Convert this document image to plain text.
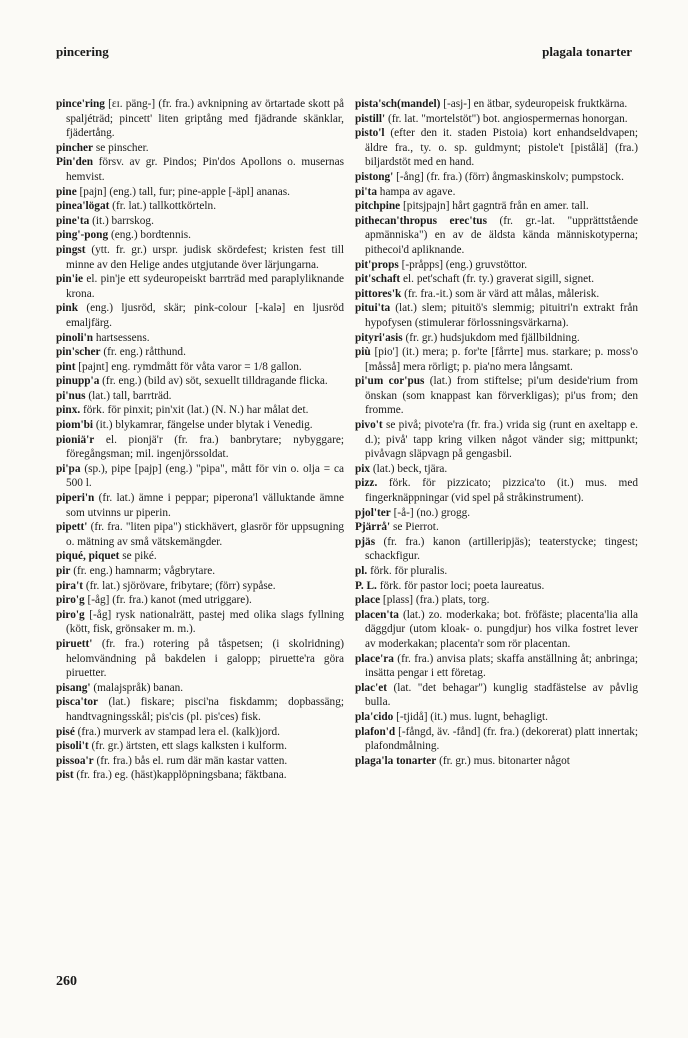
pincering	plagala tonarter

pince'ring [ɛɪ. päng-] (fr. fra.) avknipning av örtartade skott på spaljéträd; pincett' liten griptång med fjädrande skänklar, fjädertång.

pincher se pinscher.

Pin'den försv. av gr. Pindos; Pin'dos Apollons o. musernas hemvist.

pine [pajn] (eng.) tall, fur; pine-apple [-äpl] ananas.

pinea'lögat (fr. lat.) tallkottkörteln.

pine'ta (it.) barrskog.

ping'-pong (eng.) bordtennis.

pingst (ytt. fr. gr.) urspr. judisk skördefest; kristen fest till minne av den Helige andes utgjutande över lärjungarna.

pin'ie el. pin'je ett sydeuropeiskt barrträd med paraplyliknande krona.

pink (eng.) ljusröd, skär; pink-colour [-kalə] en ljusröd emaljfärg.

pinoli'n hartsessens.

pin'scher (fr. eng.) råtthund.

pint [pajnt] eng. rymdmått för våta varor = 1/8 gallon.

pinupp'a (fr. eng.) (bild av) söt, sexuellt tilldragande flicka.

pi'nus (lat.) tall, barrträd.

pinx. förk. för pinxit; pin'xit (lat.) (N. N.) har målat det.

piom'bi (it.) blykamrar, fängelse under blytak i Venedig.

pioniä'r el. pionjä'r (fr. fra.) banbrytare; nybyggare; föregångsman; mil. ingenjörssoldat.

pi'pa (sp.), pipe [pajp] (eng.) "pipa", mått för vin o. olja = ca 500 l.

piperi'n (fr. lat.) ämne i peppar; piperona'l välluktande ämne som utvinns ur piperin.

pipett' (fr. fra. "liten pipa") stickhävert, glasrör för uppsugning o. mätning av små vätskemängder.

piqué, piquet se piké.

pir (fr. eng.) hamnarm; vågbrytare.

pira't (fr. lat.) sjörövare, fribytare; (förr) sypåse.

piro'g [-åg] (fr. fra.) kanot (med utriggare).

piro'g [-åg] rysk nationalrätt, pastej med olika slags fyllning (kött, fisk, grönsaker m. m.).

piruett' (fr. fra.) rotering på tåspetsen; (i skolridning) helomvändning på bakdelen i galopp; piruette'ra göra piruetter.

pisang' (malajspråk) banan.

pisca'tor (lat.) fiskare; pisci'na fiskdamm; dopbassäng; handtvagningsskål; pis'cis (pl. pis'ces) fisk.

pisé (fra.) murverk av stampad lera el. (kalk)jord.

pisoli't (fr. gr.) ärtsten, ett slags kalksten i kulform.

pissoa'r (fr. fra.) bås el. rum där män kastar vatten.

pist (fr. fra.) eg. (häst)kapplöpningsbana; fäktbana.

pista'sch(mandel) [-asj-] en ätbar, sydeuropeisk fruktkärna.

pistill' (fr. lat. "mortelstöt") bot. angiospermernas honorgan.

pisto'l (efter den it. staden Pistoia) kort enhandseldvapen; äldre fra., ty. o. sp. guldmynt; pistole't [pistålä] (fra.) biljardstöt med en hand.

pistong' [-ång] (fr. fra.) (förr) ångmaskinskolv; pumpstock.

pi'ta hampa av agave.

pitchpine [pitsjpajn] hårt gagnträ från en amer. tall.

pithecan'thropus erec'tus (fr. gr.-lat. "upprättstående apmänniska") en av de äldsta kända människotyperna; pithecoi'd apliknande.

pit'props [-pråpps] (eng.) gruvstöttor.

pit'schaft el. pet'schaft (fr. ty.) graverat sigill, signet.

pittores'k (fr. fra.-it.) som är värd att målas, målerisk.

pitui'ta (lat.) slem; pituitö's slemmig; pituitri'n extrakt från hypofysen (stimulerar förlossningsvärkarna).

pityri'asis (fr. gr.) hudsjukdom med fjällbildning.

più [pio'] (it.) mera; p. for'te [fårrte] mus. starkare; p. moss'o [måsså] mera rörligt; p. pia'no mera långsamt.

pi'um cor'pus (lat.) from stiftelse; pi'um deside'rium from önskan (som knappast kan förverkligas); pi'us from; den fromme.

pivo't se pivå; pivote'ra (fr. fra.) vrida sig (runt en axeltapp e. d.); pivå' tapp kring vilken något vänder sig; mittpunkt; pivåvagn släpvagn på gengasbil.

pix (lat.) beck, tjära.

pizz. förk. för pizzicato; pizzica'to (it.) mus. med fingerknäppningar (vid spel på stråkinstrument).

pjol'ter [-å-] (no.) grogg.

Pjärrå' se Pierrot.

pjäs (fr. fra.) kanon (artilleripjäs); teaterstycke; tingest; schackfigur.

pl. förk. för pluralis.

P. L. förk. för pastor loci; poeta laureatus.

place [plass] (fra.) plats, torg.

placen'ta (lat.) zo. moderkaka; bot. fröfäste; placenta'lia alla däggdjur (utom kloak- o. pungdjur) hos vilka fostret lever av moderkakan; placenta'r som rör placentan.

place'ra (fr. fra.) anvisa plats; skaffa anställning åt; anbringa; insätta pengar i ett företag.

plac'et (lat. "det behagar") kunglig stadfästelse av påvlig bulla.

pla'cido [-tjidå] (it.) mus. lugnt, behagligt.

plafon'd [-fångd, äv. -fånd] (fr. fra.) (dekorerat) platt innertak; plafondmålning.

plaga'la tonarter (fr. gr.) mus. bitonarter något

260
